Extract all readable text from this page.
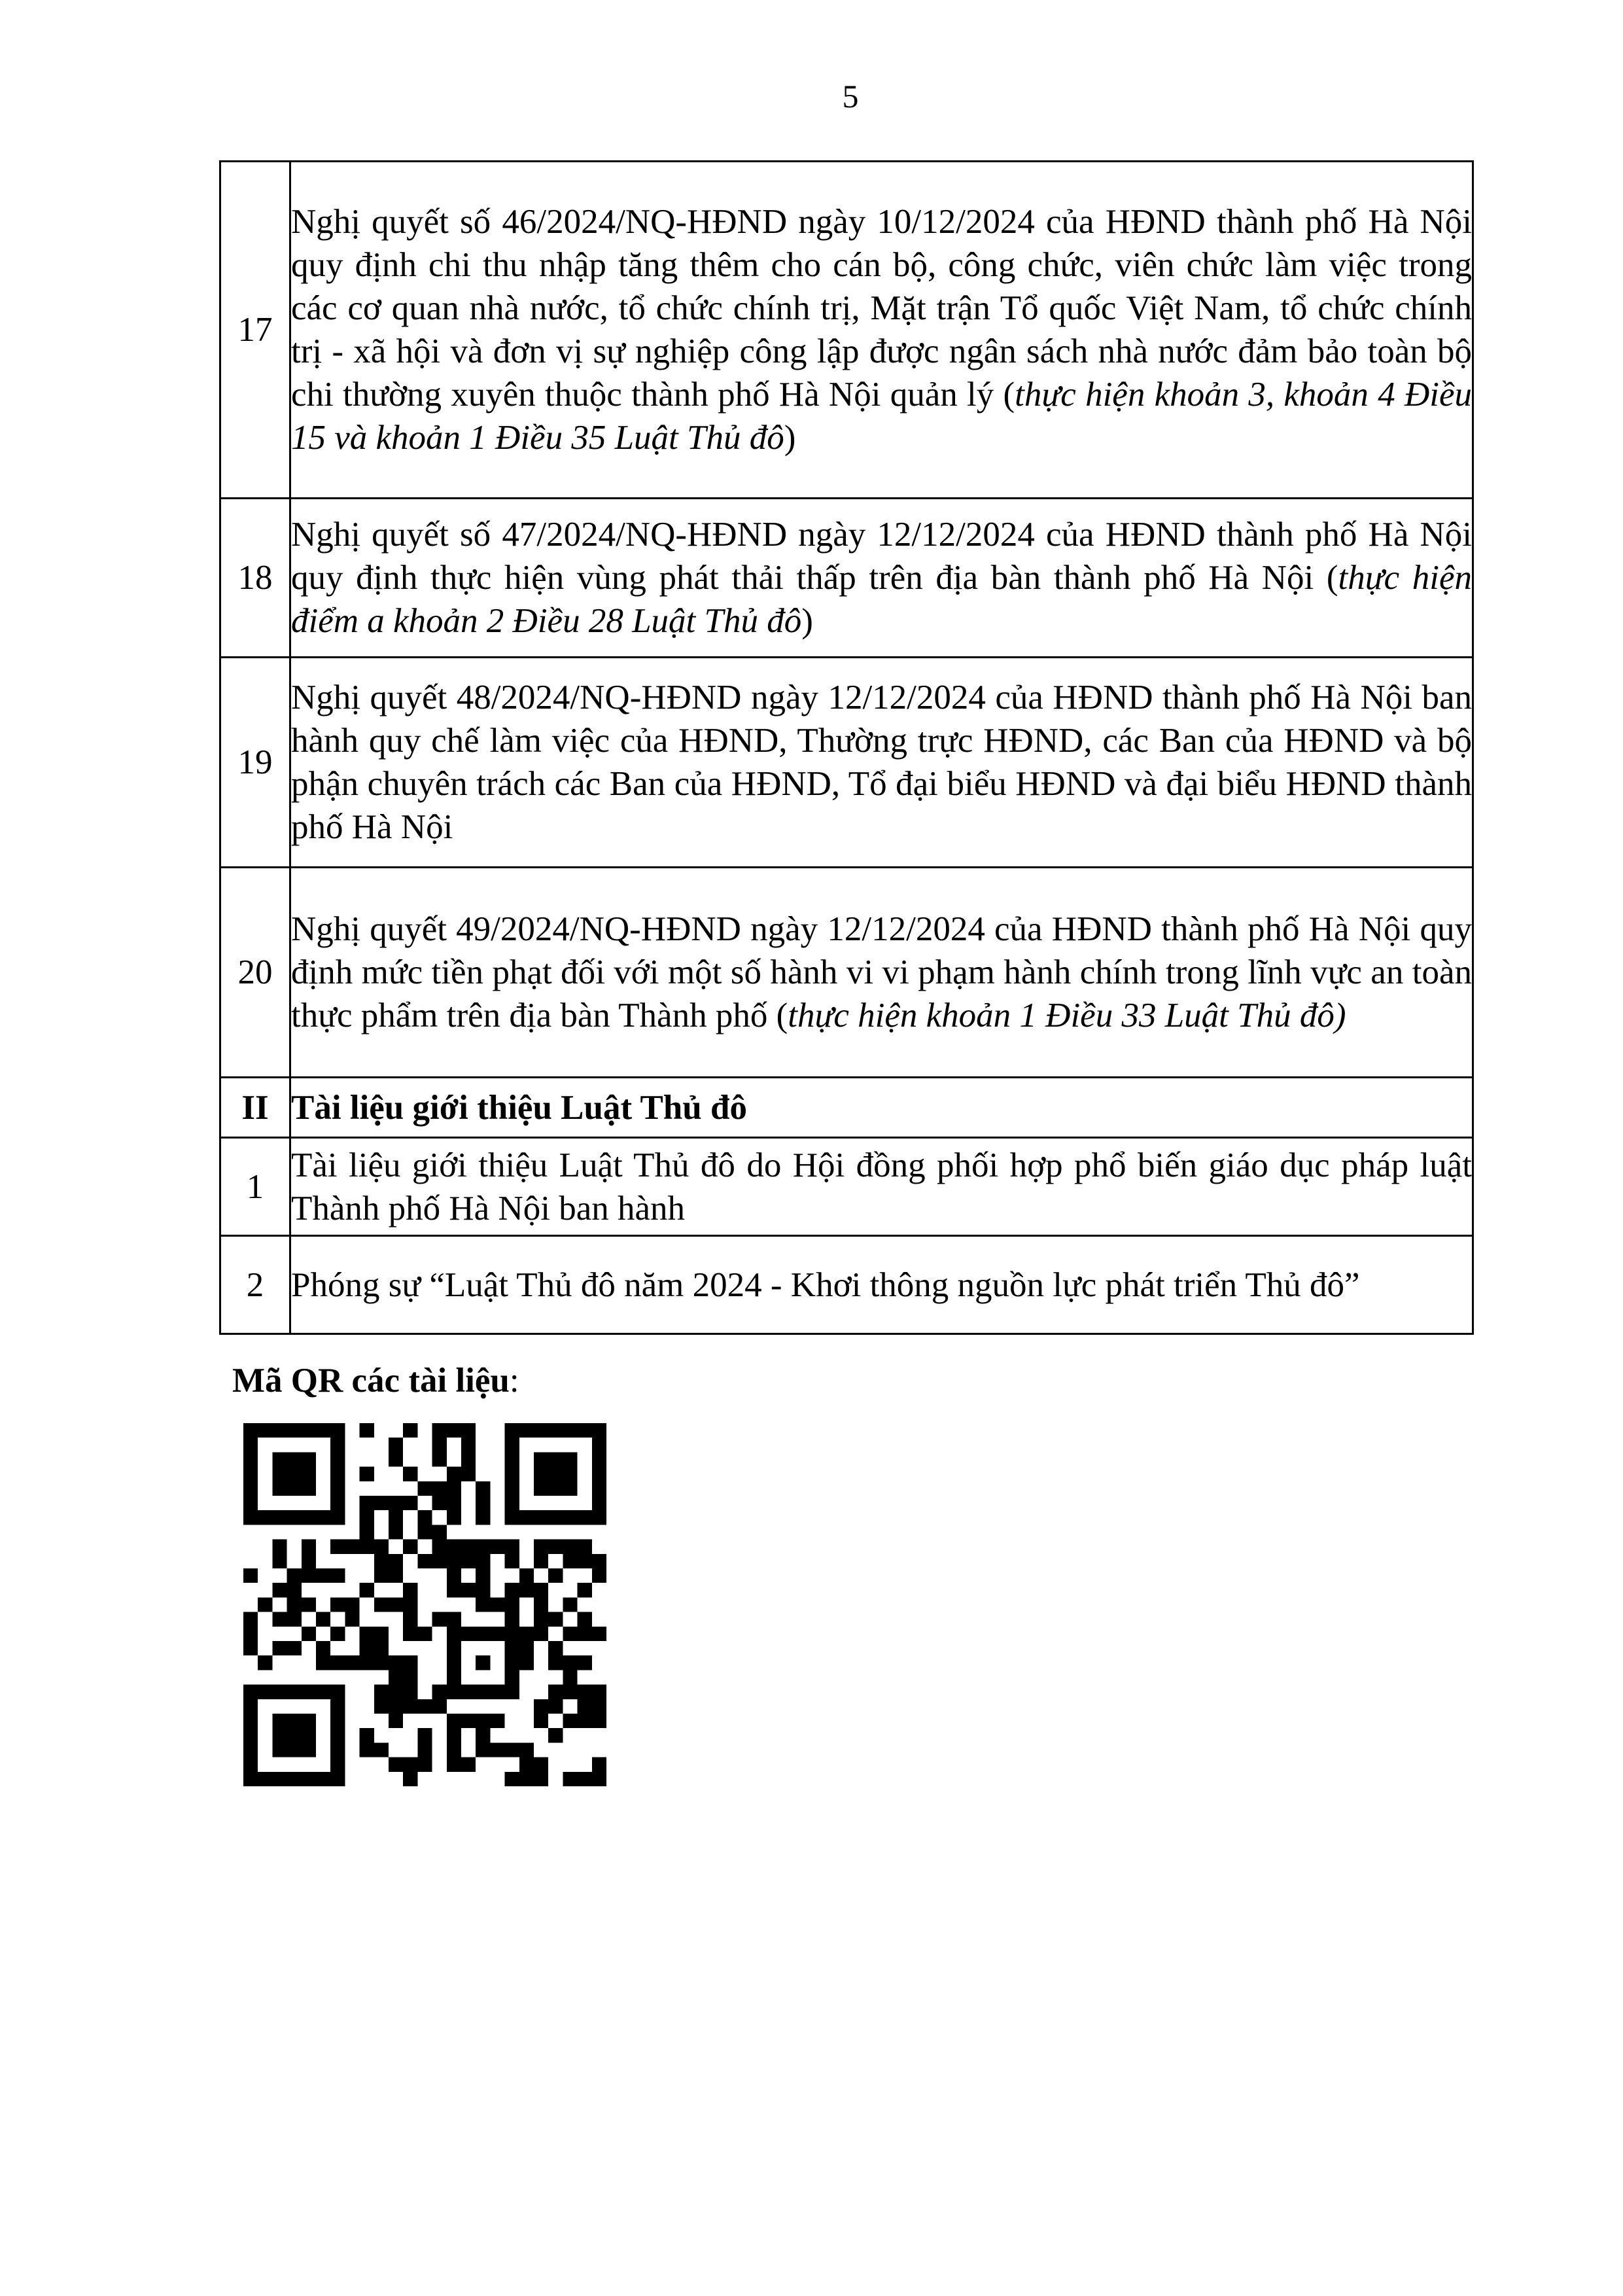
5
17	Nghị quyết số 46/2024/NQ-HĐND ngày 10/12/2024 của HĐND thành phố Hà Nội quy định chi thu nhập tăng thêm cho cán bộ, công chức, viên chức làm việc trong các cơ quan nhà nước, tổ chức chính trị, Mặt trận Tổ quốc Việt Nam, tổ chức chính trị - xã hội và đơn vị sự nghiệp công lập được ngân sách nhà nước đảm bảo toàn bộ chi thường xuyên thuộc thành phố Hà Nội quản lý (thực hiện khoản 3, khoản 4 Điều 15 và khoản 1 Điều 35 Luật Thủ đô)
18	Nghị quyết số 47/2024/NQ-HĐND ngày 12/12/2024 của HĐND thành phố Hà Nội quy định thực hiện vùng phát thải thấp trên địa bàn thành phố Hà Nội (thực hiện điểm a khoản 2 Điều 28 Luật Thủ đô)
19	Nghị quyết 48/2024/NQ-HĐND ngày 12/12/2024 của HĐND thành phố Hà Nội ban hành quy chế làm việc của HĐND, Thường trực HĐND, các Ban của HĐND và bộ phận chuyên trách các Ban của HĐND, Tổ đại biểu HĐND và đại biểu HĐND thành phố Hà Nội
20	Nghị quyết 49/2024/NQ-HĐND ngày 12/12/2024 của HĐND thành phố Hà Nội quy định mức tiền phạt đối với một số hành vi vi phạm hành chính trong lĩnh vực an toàn thực phẩm trên địa bàn Thành phố (thực hiện khoản 1 Điều 33 Luật Thủ đô)
II	Tài liệu giới thiệu Luật Thủ đô
1	Tài liệu giới thiệu Luật Thủ đô do Hội đồng phối hợp phổ biến giáo dục pháp luật Thành phố Hà Nội ban hành
2	Phóng sự “Luật Thủ đô năm 2024 - Khơi thông nguồn lực phát triển Thủ đô”
Mã QR các tài liệu:
